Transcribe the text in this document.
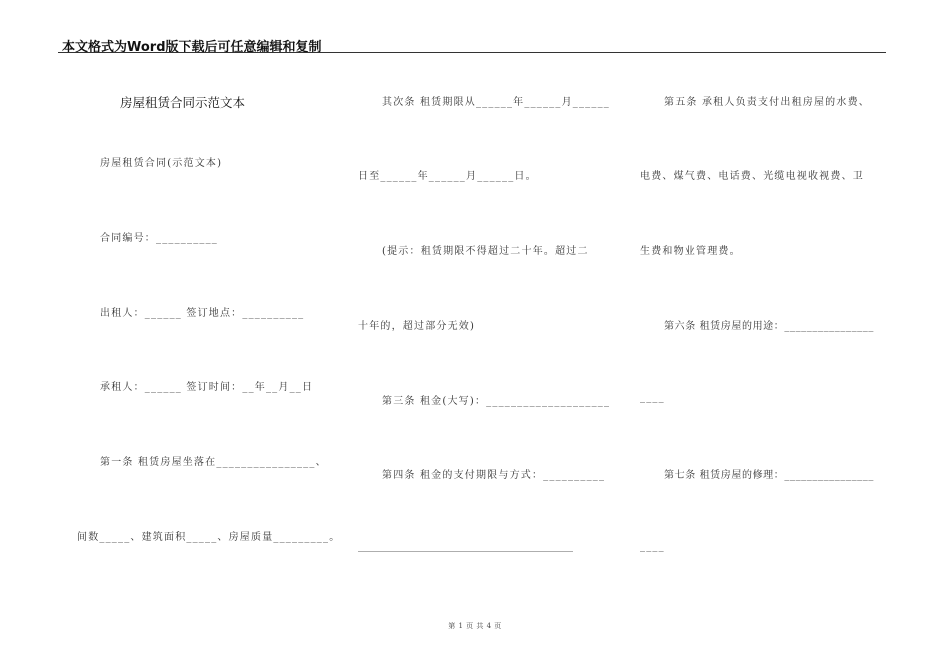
本文格式为Word版下载后可任意编辑和复制
房屋租赁合同示范文本
房屋租赁合同(示范文本)
合同编号：__________
出租人：______ 签订地点：__________
承租人：______ 签订时间：__年__月__日
第一条 租赁房屋坐落在________________、
间数_____、建筑面积_____、房屋质量_________。
其次条 租赁期限从______年______月______
日至______年______月______日。
(提示：租赁期限不得超过二十年。超过二
十年的，超过部分无效)
第三条 租金(大写)：____________________
第四条 租金的支付期限与方式：__________
___________________________________________
第五条 承租人负责支付出租房屋的水费、
电费、煤气费、电话费、光缆电视收视费、卫
生费和物业管理费。
第六条 租赁房屋的用途：________________
____
第七条 租赁房屋的修理：________________
____
第 1 页 共 4 页
